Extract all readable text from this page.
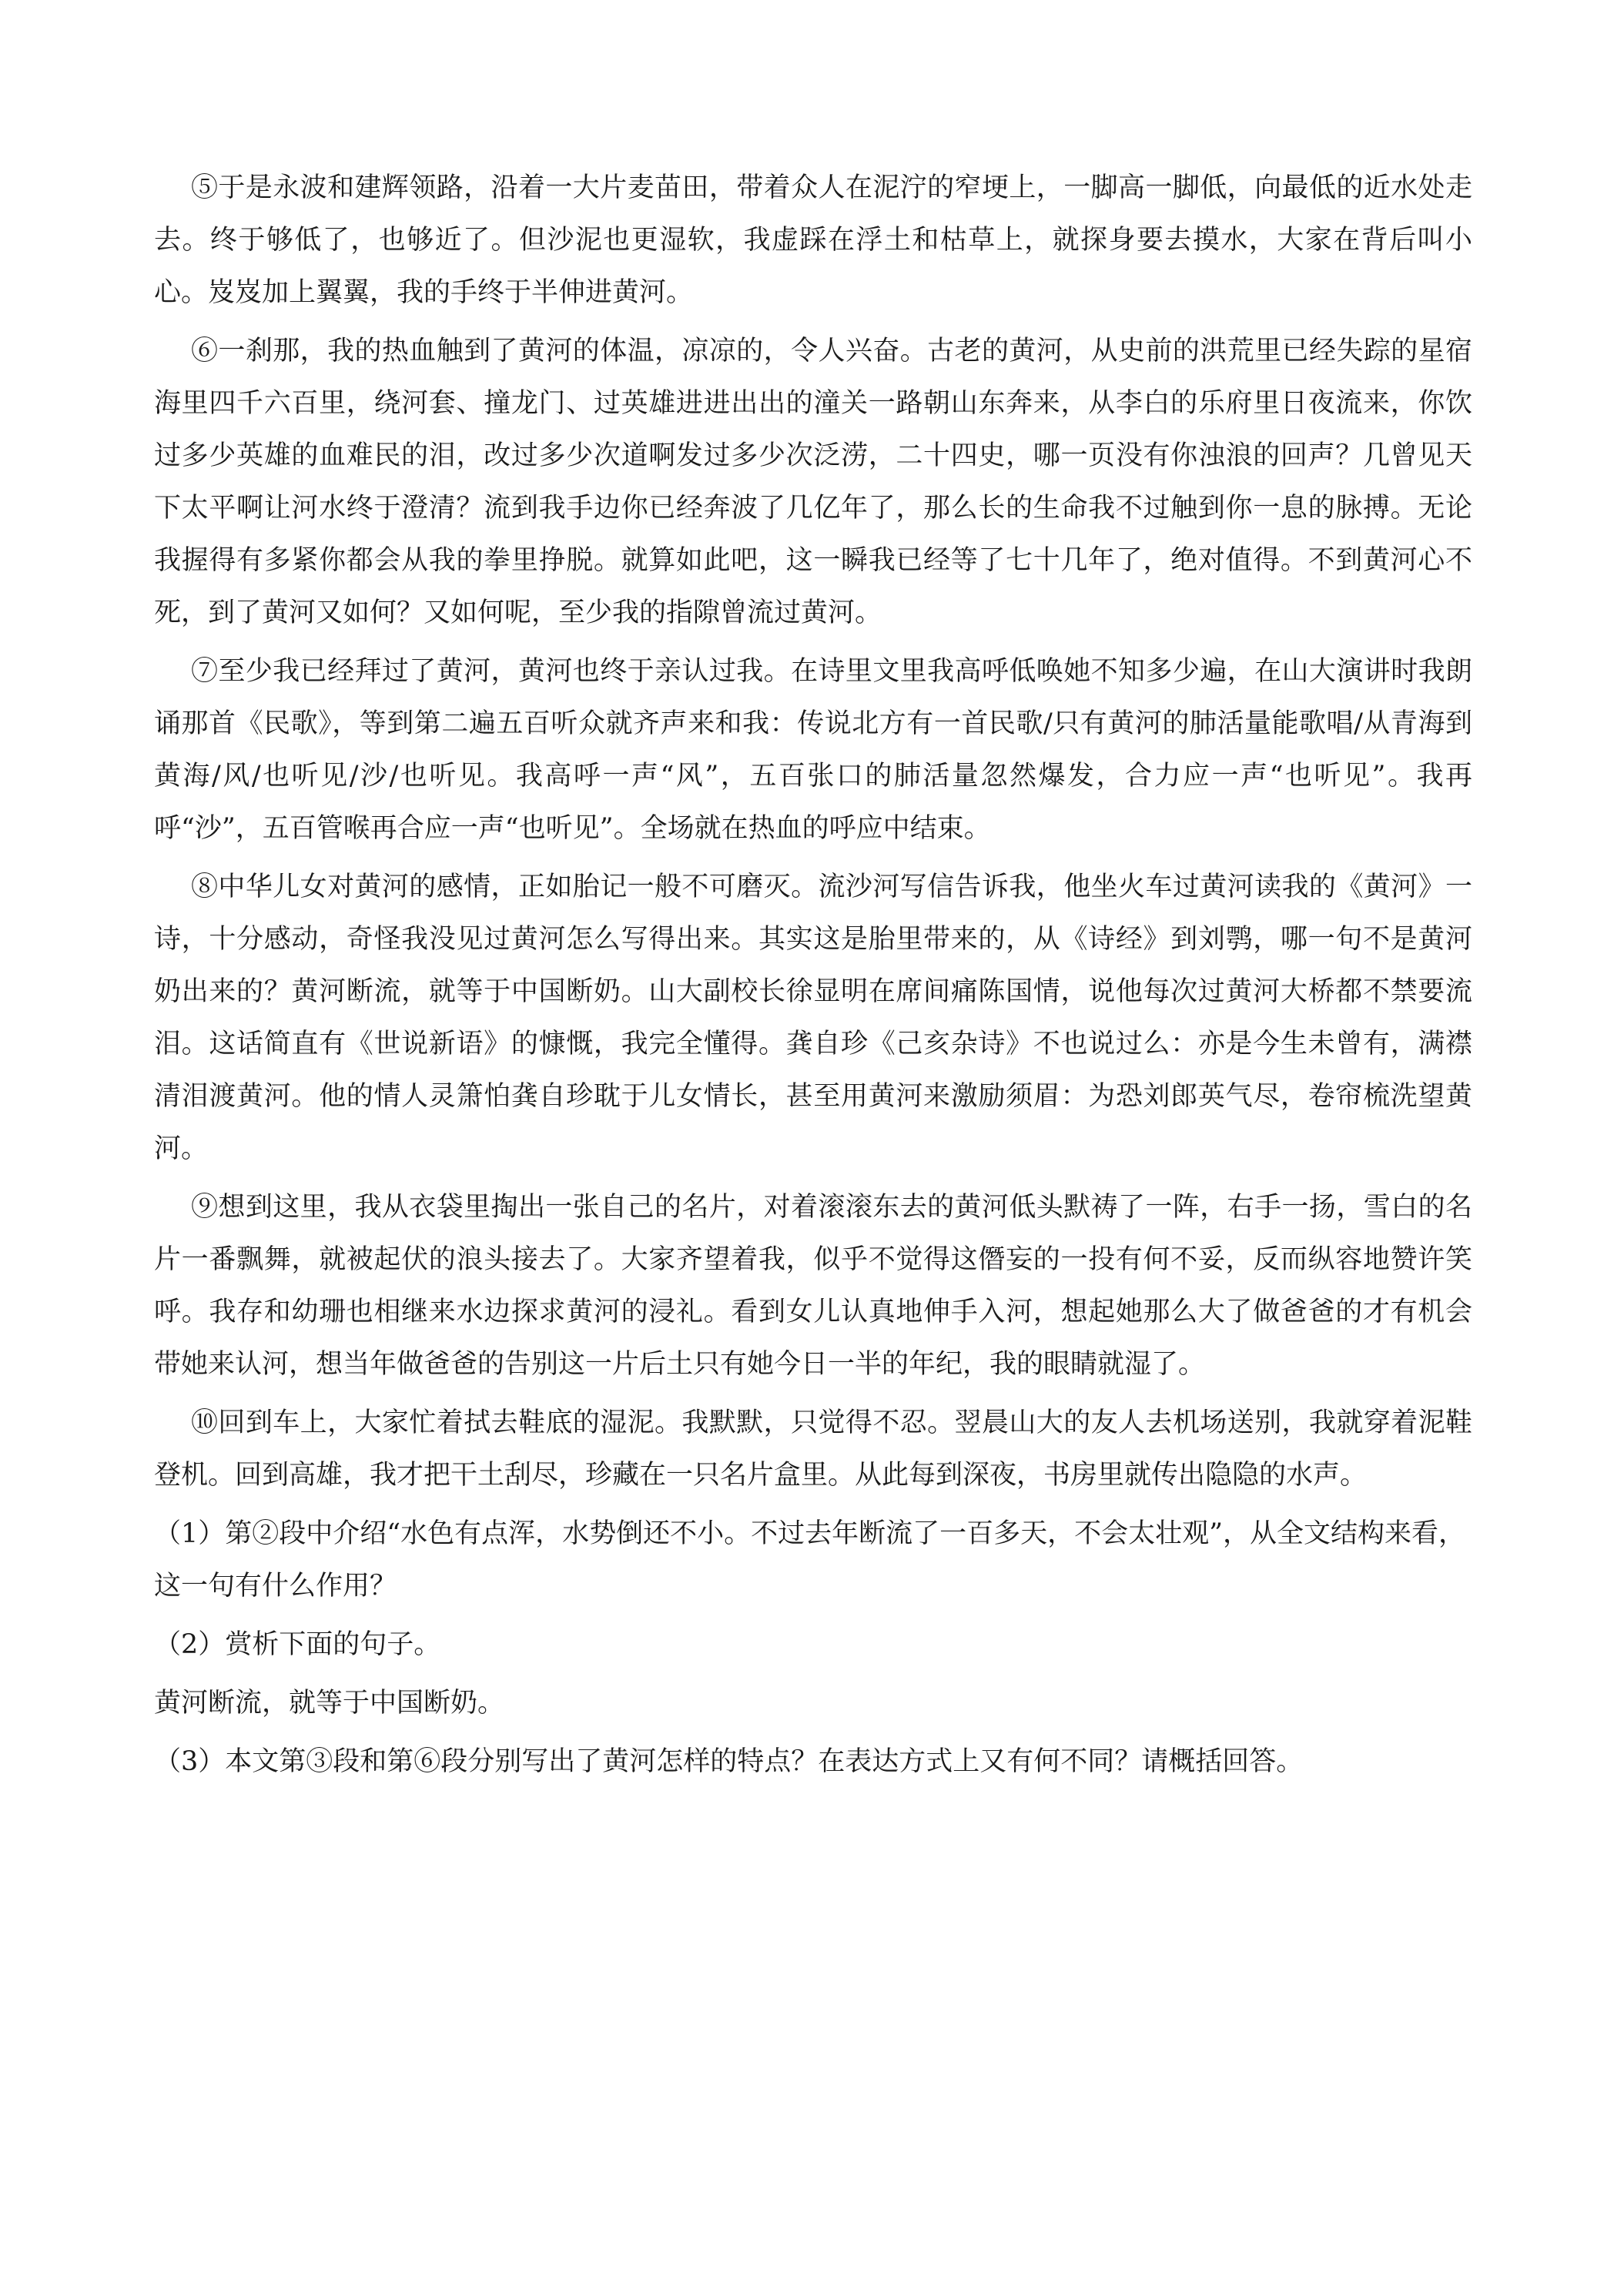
⑤于是永波和建辉领路，沿着一大片麦苗田，带着众人在泥泞的窄埂上，一脚高一脚低，向最低的近水处走去。终于够低了，也够近了。但沙泥也更湿软，我虚踩在浮土和枯草上，就探身要去摸水，大家在背后叫小心。岌岌加上翼翼，我的手终于半伸进黄河。

⑥一刹那，我的热血触到了黄河的体温，凉凉的，令人兴奋。古老的黄河，从史前的洪荒里已经失踪的星宿海里四千六百里，绕河套、撞龙门、过英雄进进出出的潼关一路朝山东奔来，从李白的乐府里日夜流来，你饮过多少英雄的血难民的泪，改过多少次道啊发过多少次泛涝，二十四史，哪一页没有你浊浪的回声？几曾见天下太平啊让河水终于澄清？流到我手边你已经奔波了几亿年了，那么长的生命我不过触到你一息的脉搏。无论我握得有多紧你都会从我的拳里挣脱。就算如此吧，这一瞬我已经等了七十几年了，绝对值得。不到黄河心不死，到了黄河又如何？又如何呢，至少我的指隙曾流过黄河。

⑦至少我已经拜过了黄河，黄河也终于亲认过我。在诗里文里我高呼低唤她不知多少遍，在山大演讲时我朗诵那首《民歌》，等到第二遍五百听众就齐声来和我：传说北方有一首民歌/只有黄河的肺活量能歌唱/从青海到黄海/风/也听见/沙/也听见。我高呼一声“风”，五百张口的肺活量忽然爆发，合力应一声“也听见”。我再呼“沙”，五百管喉再合应一声“也听见”。全场就在热血的呼应中结束。

⑧中华儿女对黄河的感情，正如胎记一般不可磨灭。流沙河写信告诉我，他坐火车过黄河读我的《黄河》一诗，十分感动，奇怪我没见过黄河怎么写得出来。其实这是胎里带来的，从《诗经》到刘鹗，哪一句不是黄河奶出来的？黄河断流，就等于中国断奶。山大副校长徐显明在席间痛陈国情，说他每次过黄河大桥都不禁要流泪。这话简直有《世说新语》的慷慨，我完全懂得。龚自珍《己亥杂诗》不也说过么：亦是今生未曾有，满襟清泪渡黄河。他的情人灵箫怕龚自珍耽于儿女情长，甚至用黄河来激励须眉：为恐刘郎英气尽，卷帘梳洗望黄河。

⑨想到这里，我从衣袋里掏出一张自己的名片，对着滚滚东去的黄河低头默祷了一阵，右手一扬，雪白的名片一番飘舞，就被起伏的浪头接去了。大家齐望着我，似乎不觉得这僭妄的一投有何不妥，反而纵容地赞许笑呼。我存和幼珊也相继来水边探求黄河的浸礼。看到女儿认真地伸手入河，想起她那么大了做爸爸的才有机会带她来认河，想当年做爸爸的告别这一片后土只有她今日一半的年纪，我的眼睛就湿了。

⑩回到车上，大家忙着拭去鞋底的湿泥。我默默，只觉得不忍。翌晨山大的友人去机场送别，我就穿着泥鞋登机。回到高雄，我才把干土刮尽，珍藏在一只名片盒里。从此每到深夜，书房里就传出隐隐的水声。

（1）第②段中介绍“水色有点浑，水势倒还不小。不过去年断流了一百多天，不会太壮观”，从全文结构来看，这一句有什么作用？

（2）赏析下面的句子。

黄河断流，就等于中国断奶。

（3）本文第③段和第⑥段分别写出了黄河怎样的特点？在表达方式上又有何不同？请概括回答。
